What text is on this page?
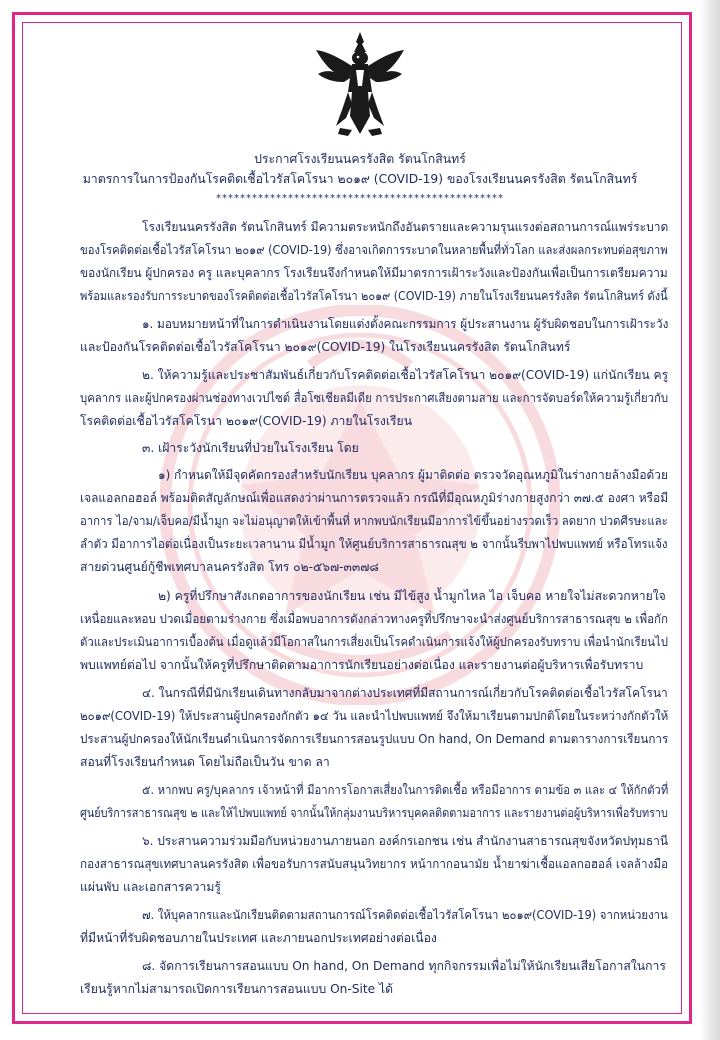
ประกาศโรงเรียนนครรังสิต รัตนโกสินทร์
มาตรการในการป้องกันโรคติดเชื้อไวรัสโคโรนา ๒๐๑๙ (COVID-19) ของโรงเรียนนครรังสิต รัตนโกสินทร์
************************************************
โรงเรียนนครรังสิต รัตนโกสินทร์ มีความตระหนักถึงอันตรายและความรุนแรงต่อสถานการณ์แพร่ระบาด
ของโรคติดต่อเชื้อไวรัสโคโรนา ๒๐๑๙ (COVID-19) ซึ่งอาจเกิดการระบาดในหลายพื้นที่ทั่วโลก และส่งผลกระทบต่อสุขภาพ
ของนักเรียน ผู้ปกครอง ครู และบุคลากร โรงเรียนจึงกำหนดให้มีมาตรการเฝ้าระวังและป้องกันเพื่อเป็นการเตรียมความ
พร้อมและรองรับการระบาดของโรคติดต่อเชื้อไวรัสโคโรนา ๒๐๑๙ (COVID-19) ภายในโรงเรียนนครรังสิต รัตนโกสินทร์ ดังนี้
๑. มอบหมายหน้าที่ในการดำเนินงานโดยแต่งตั้งคณะกรรมการ ผู้ประสานงาน ผู้รับผิดชอบในการเฝ้าระวัง
และป้องกันโรคติดต่อเชื้อไวรัสโคโรนา ๒๐๑๙(COVID-19) ในโรงเรียนนครรังสิต รัตนโกสินทร์
๒. ให้ความรู้และประชาสัมพันธ์เกี่ยวกับโรคติดต่อเชื้อไวรัสโคโรนา ๒๐๑๙(COVID-19) แก่นักเรียน ครู
บุคลากร และผู้ปกครองผ่านช่องทางเวปไซต์ สื่อโซเชียลมีเดีย การประกาศเสียงตามสาย และการจัดบอร์ดให้ความรู้เกี่ยวกับ
โรคติดต่อเชื้อไวรัสโคโรนา ๒๐๑๙(COVID-19) ภายในโรงเรียน
๓. เฝ้าระวังนักเรียนที่ป่วยในโรงเรียน โดย
๑) กำหนดให้มีจุดคัดกรองสำหรับนักเรียน บุคลากร ผู้มาติดต่อ ตรวจวัดอุณหภูมิในร่างกายล้างมือด้วย
เจลแอลกอฮอล์ พร้อมติดสัญลักษณ์เพื่อแสดงว่าผ่านการตรวจแล้ว กรณีที่มีอุณหภูมิร่างกายสูงกว่า ๓๗.๕ องศา หรือมี
อาการ ไอ/จาม/เจ็บคอ/มีน้ำมูก จะไม่อนุญาตให้เข้าพื้นที่ หากพบนักเรียนมีอาการไข้ขึ้นอย่างรวดเร็ว ลดยาก ปวดศีรษะและ
ลำตัว มีอาการไอต่อเนื่องเป็นระยะเวลานาน มีน้ำมูก ให้ศูนย์บริการสาธารณสุข ๒ จากนั้นรีบพาไปพบแพทย์ หรือโทรแจ้ง
สายด่วนศูนย์กู้ชีพเทศบาลนครรังสิต โทร ๐๒-๕๖๗-๓๓๗๘
๒) ครูที่ปรึกษาสังเกตอาการของนักเรียน เช่น มีไข้สูง น้ำมูกไหล ไอ เจ็บคอ หายใจไม่สะดวกหายใจ
เหนื่อยและหอบ ปวดเมื่อยตามร่างกาย ซึ่งเมื่อพบอาการดังกล่าวทางครูที่ปรึกษาจะนำส่งศูนย์บริการสาธารณสุข ๒ เพื่อกัก
ตัวและประเมินอาการเบื้องต้น เมื่อดูแล้วมีโอกาสในการเสี่ยงเป็นโรคดำเนินการแจ้งให้ผู้ปกครองรับทราบ เพื่อนำนักเรียนไป
พบแพทย์ต่อไป จากนั้นให้ครูที่ปรึกษาติดตามอาการนักเรียนอย่างต่อเนื่อง และรายงานต่อผู้บริหารเพื่อรับทราบ
๔. ในกรณีที่มีนักเรียนเดินทางกลับมาจากต่างประเทศที่มีสถานการณ์เกี่ยวกับโรคติดต่อเชื้อไวรัสโคโรนา
๒๐๑๙(COVID-19) ให้ประสานผู้ปกครองกักตัว ๑๔ วัน และนำไปพบแพทย์ จึงให้มาเรียนตามปกติโดยในระหว่างกักตัวให้
ประสานผู้ปกครองให้นักเรียนดำเนินการจัดการเรียนการสอนรูปแบบ On hand, On Demand ตามตารางการเรียนการ
สอนที่โรงเรียนกำหนด โดยไม่ถือเป็นวัน ขาด ลา
๕. หากพบ ครู/บุคลากร เจ้าหน้าที่ มีอาการโอกาสเสี่ยงในการติดเชื้อ หรือมีอาการ ตามข้อ ๓ และ ๔ ให้กักตัวที่
ศูนย์บริการสาธารณสุข ๒ และให้ไปพบแพทย์ จากนั้นให้กลุ่มงานบริหารบุคคลติดตามอาการ และรายงานต่อผู้บริหารเพื่อรับทราบ
๖. ประสานความร่วมมือกับหน่วยงานภายนอก องค์กรเอกชน เช่น สำนักงานสาธารณสุขจังหวัดปทุมธานี
กองสาธารณสุขเทศบาลนครรังสิต เพื่อขอรับการสนับสนุนวิทยากร หน้ากากอนามัย น้ำยาฆ่าเชื้อแอลกอฮอล์ เจลล้างมือ
แผ่นพับ และเอกสารความรู้
๗. ให้บุคลากรและนักเรียนติดตามสถานการณ์โรคติดต่อเชื้อไวรัสโคโรนา ๒๐๑๙(COVID-19) จากหน่วยงาน
ที่มีหน้าที่รับผิดชอบภายในประเทศ และภายนอกประเทศอย่างต่อเนื่อง
๘. จัดการเรียนการสอนแบบ On hand, On Demand ทุกกิจกรรมเพื่อไม่ให้นักเรียนเสียโอกาสในการ
เรียนรู้หากไม่สามารถเปิดการเรียนการสอนแบบ On-Site ได้
